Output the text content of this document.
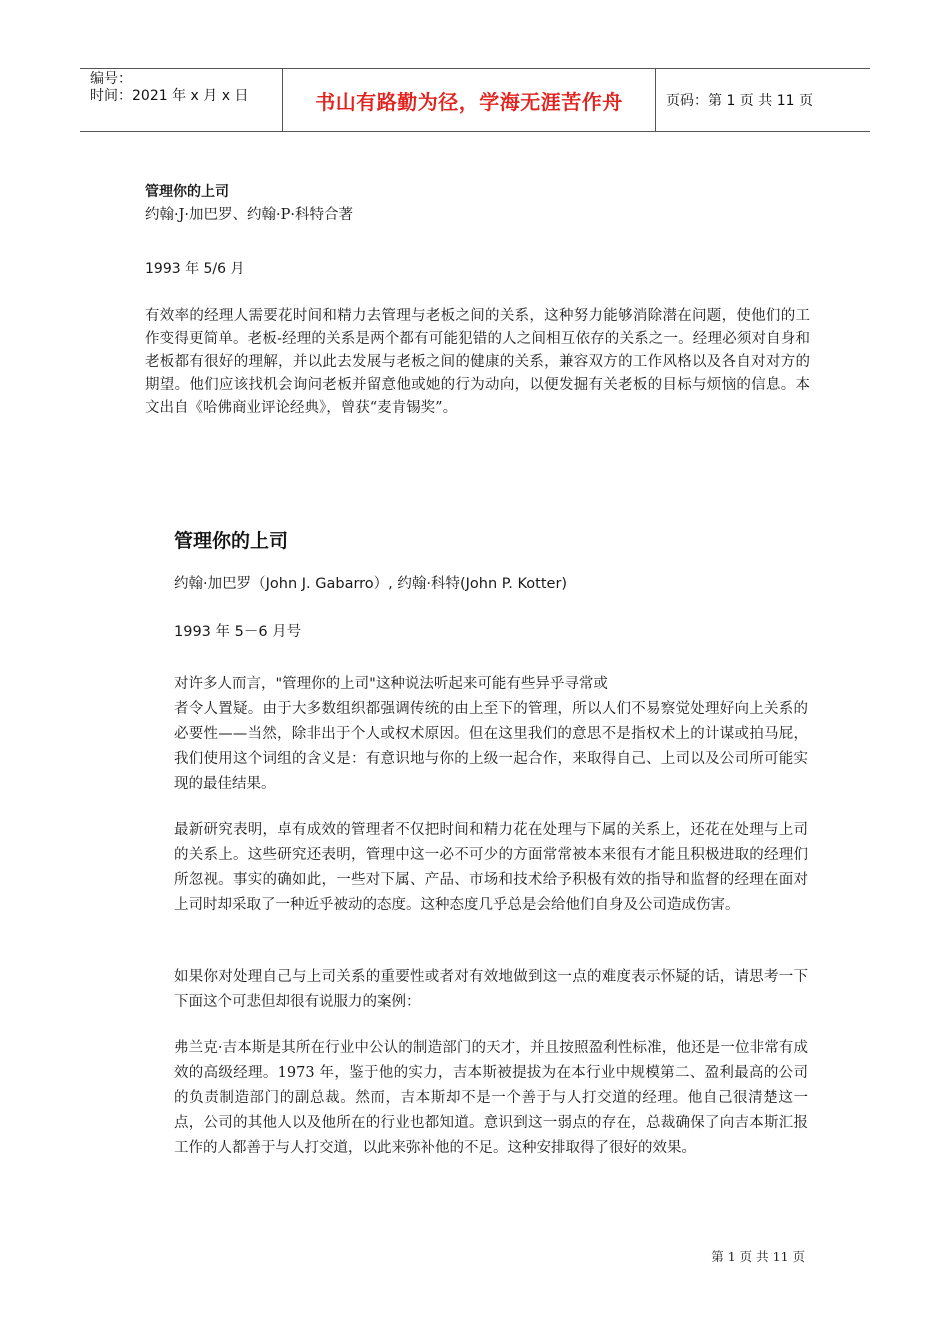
编号：
时间：2021 年 x 月 x 日	书山有路勤为径，学海无涯苦作舟	页码：第 1 页 共 11 页
管理你的上司
约翰·J·加巴罗、约翰·P·科特合著
1993 年 5/6 月
有效率的经理人需要花时间和精力去管理与老板之间的关系，这种努力能够消除潜在问题，使他们的工作变得更简单。老板-经理的关系是两个都有可能犯错的人之间相互依存的关系之一。经理必须对自身和老板都有很好的理解，并以此去发展与老板之间的健康的关系，兼容双方的工作风格以及各自对对方的期望。他们应该找机会询问老板并留意他或她的行为动向，以便发掘有关老板的目标与烦恼的信息。本文出自《哈佛商业评论经典》，曾获“麦肯锡奖”。
管理你的上司
约翰·加巴罗（John J. Gabarro）, 约翰·科特(John P. Kotter)
1993 年 5－6 月号
对许多人而言，"管理你的上司"这种说法听起来可能有些异乎寻常或
者令人置疑。由于大多数组织都强调传统的由上至下的管理，所以人们不易察觉处理好向上关系的必要性——当然，除非出于个人或权术原因。但在这里我们的意思不是指权术上的计谋或拍马屁，我们使用这个词组的含义是：有意识地与你的上级一起合作，来取得自己、上司以及公司所可能实现的最佳结果。
最新研究表明，卓有成效的管理者不仅把时间和精力花在处理与下属的关系上，还花在处理与上司的关系上。这些研究还表明，管理中这一必不可少的方面常常被本来很有才能且积极进取的经理们所忽视。事实的确如此，一些对下属、产品、市场和技术给予积极有效的指导和监督的经理在面对上司时却采取了一种近乎被动的态度。这种态度几乎总是会给他们自身及公司造成伤害。
如果你对处理自己与上司关系的重要性或者对有效地做到这一点的难度表示怀疑的话，请思考一下下面这个可悲但却很有说服力的案例：
弗兰克·吉本斯是其所在行业中公认的制造部门的天才，并且按照盈利性标准，他还是一位非常有成效的高级经理。1973 年，鉴于他的实力，吉本斯被提拔为在本行业中规模第二、盈利最高的公司的负责制造部门的副总裁。然而，吉本斯却不是一个善于与人打交道的经理。他自己很清楚这一点，公司的其他人以及他所在的行业也都知道。意识到这一弱点的存在，总裁确保了向吉本斯汇报工作的人都善于与人打交道，以此来弥补他的不足。这种安排取得了很好的效果。
第 1 页 共 11 页
